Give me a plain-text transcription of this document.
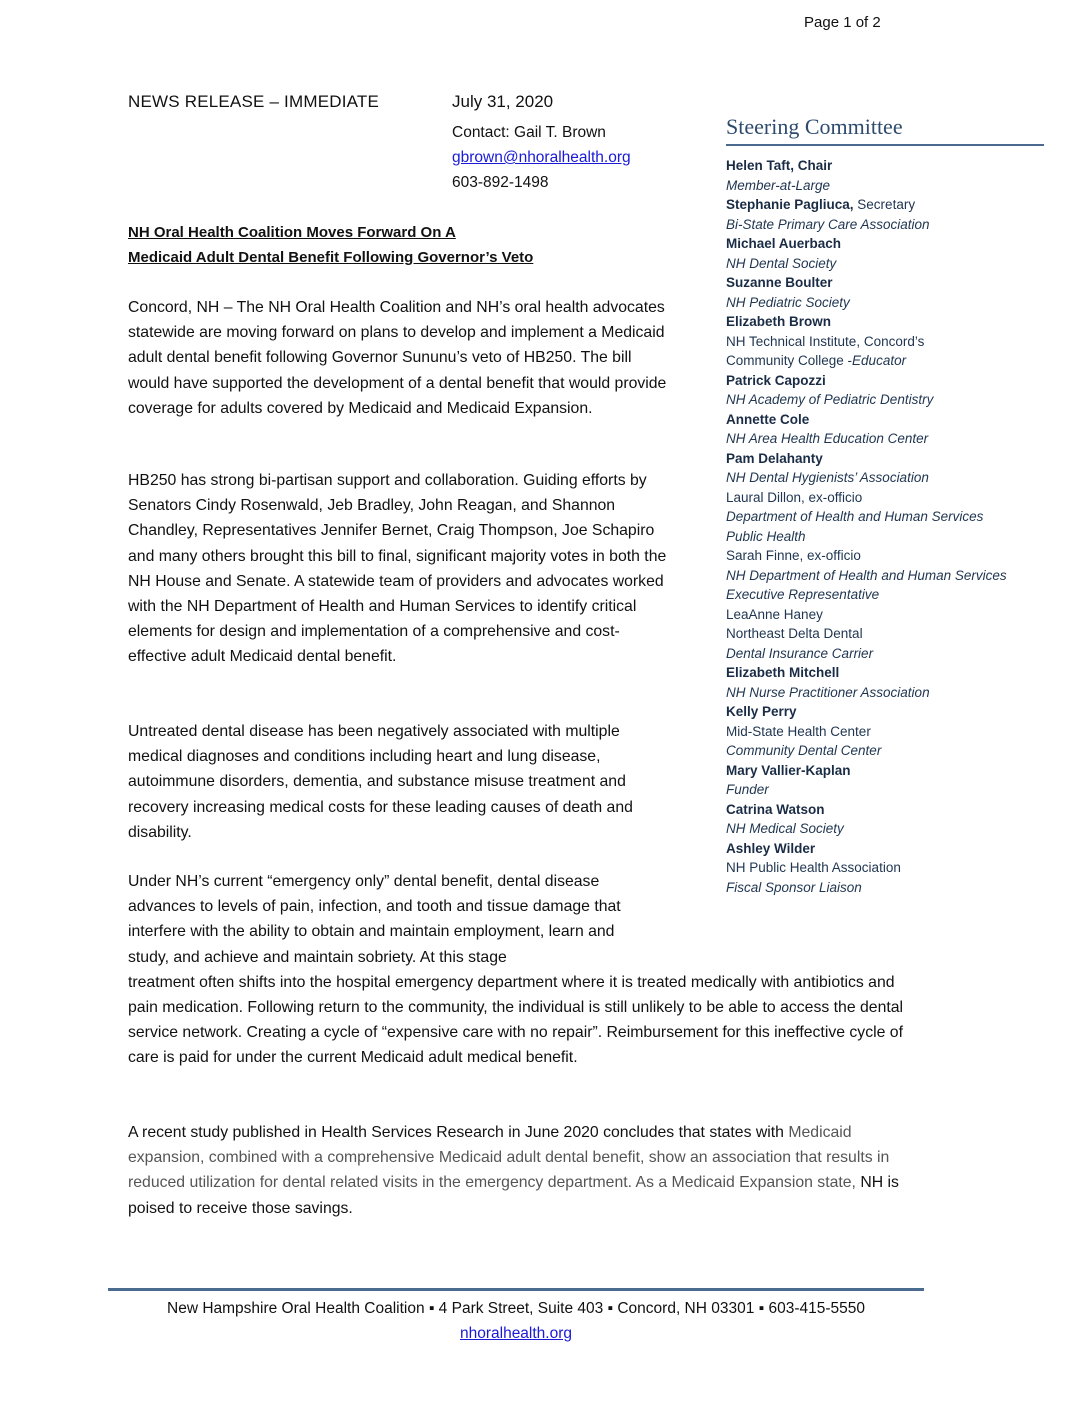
Page 1 of 2
NEWS RELEASE – IMMEDIATE	July 31, 2020
Contact: Gail T. Brown
gbrown@nhoralhealth.org
603-892-1498
NH Oral Health Coalition Moves Forward On A
Medicaid Adult Dental Benefit Following Governor’s Veto

Concord, NH – The NH Oral Health Coalition and NH’s oral health advocates statewide are moving forward on plans to develop and implement a Medicaid adult dental benefit following Governor Sununu’s veto of HB250. The bill would have supported the development of a dental benefit that would provide coverage for adults covered by Medicaid and Medicaid Expansion.

HB250 has strong bi-partisan support and collaboration. Guiding efforts by Senators Cindy Rosenwald, Jeb Bradley, John Reagan, and Shannon Chandley, Representatives Jennifer Bernet, Craig Thompson, Joe Schapiro and many others brought this bill to final, significant majority votes in both the NH House and Senate. A statewide team of providers and advocates worked with the NH Department of Health and Human Services to identify critical elements for design and implementation of a comprehensive and cost-effective adult Medicaid dental benefit.

Untreated dental disease has been negatively associated with multiple medical diagnoses and conditions including heart and lung disease, autoimmune disorders, dementia, and substance misuse treatment and recovery increasing medical costs for these leading causes of death and disability.

Under NH’s current “emergency only” dental benefit, dental disease advances to levels of pain, infection, and tooth and tissue damage that interfere with the ability to obtain and maintain employment, learn and study, and achieve and maintain sobriety. At this stage
treatment often shifts into the hospital emergency department where it is treated medically with antibiotics and pain medication. Following return to the community, the individual is still unlikely to be able to access the dental service network. Creating a cycle of “expensive care with no repair”. Reimbursement for this ineffective cycle of care is paid for under the current Medicaid adult medical benefit.

A recent study published in Health Services Research in June 2020 concludes that states with Medicaid expansion, combined with a comprehensive Medicaid adult dental benefit, show an association that results in reduced utilization for dental related visits in the emergency department. As a Medicaid Expansion state, NH is poised to receive those savings.

Steering Committee
Helen Taft, Chair
Member-at-Large
Stephanie Pagliuca, Secretary
Bi-State Primary Care Association
Michael Auerbach
NH Dental Society
Suzanne Boulter
NH Pediatric Society
Elizabeth Brown
NH Technical Institute, Concord’s
Community College -Educator
Patrick Capozzi
NH Academy of Pediatric Dentistry
Annette Cole
NH Area Health Education Center
Pam Delahanty
NH Dental Hygienists’ Association
Laural Dillon, ex-officio
Department of Health and Human Services
Public Health
Sarah Finne, ex-officio
NH Department of Health and Human Services
Executive Representative
LeaAnne Haney
Northeast Delta Dental
Dental Insurance Carrier
Elizabeth Mitchell
NH Nurse Practitioner Association
Kelly Perry
Mid-State Health Center
Community Dental Center
Mary Vallier-Kaplan
Funder
Catrina Watson
NH Medical Society
Ashley Wilder
NH Public Health Association
Fiscal Sponsor Liaison
New Hampshire Oral Health Coalition ▪ 4 Park Street, Suite 403 ▪ Concord, NH 03301 ▪ 603-415-5550
nhoralhealth.org
